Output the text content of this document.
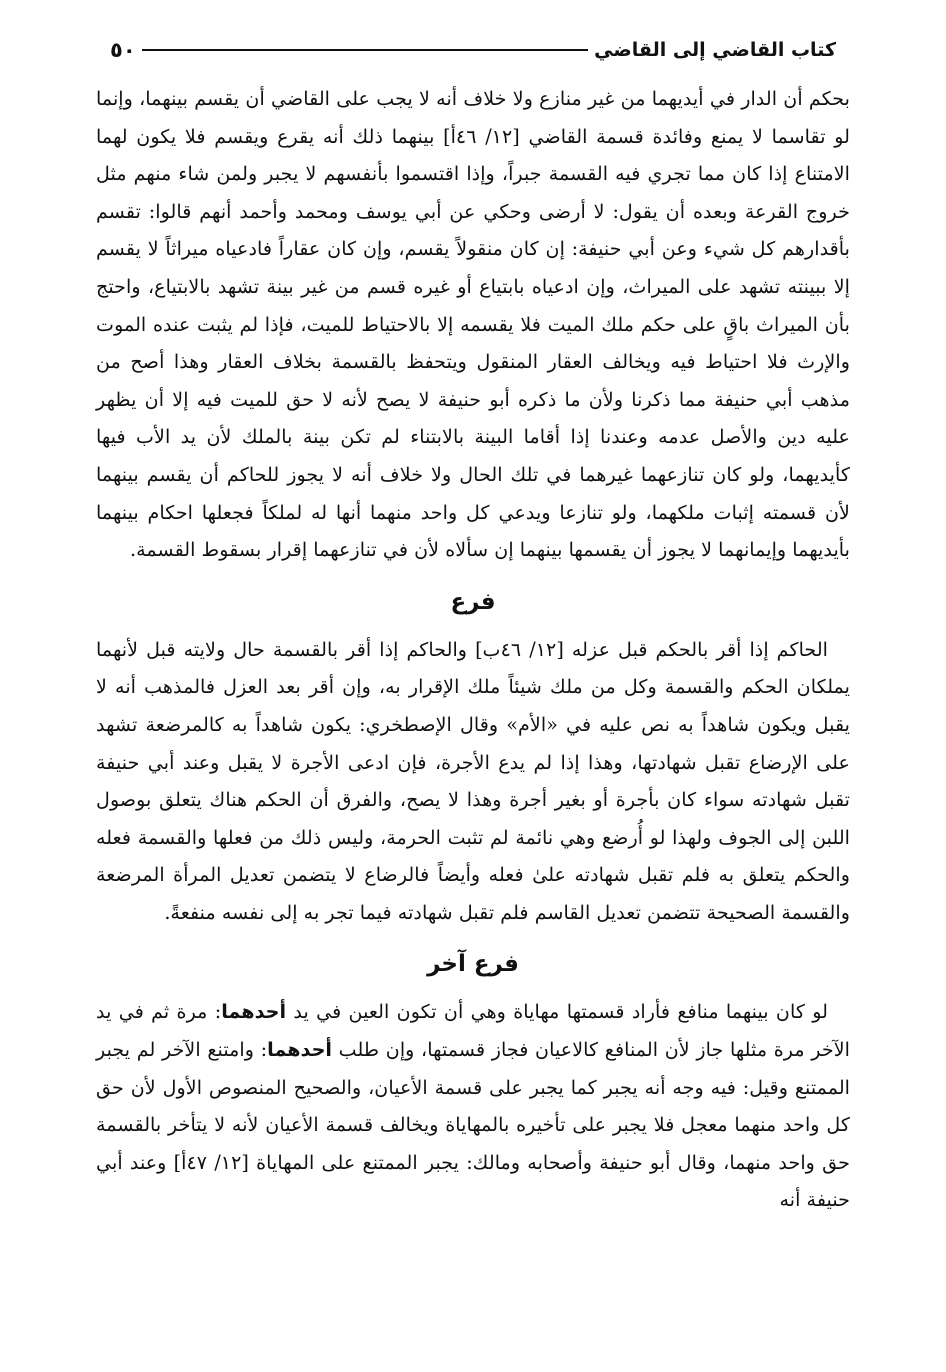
كتاب القاضي إلى القاضي
٥٠

بحكم أن الدار في أيديهما من غير منازع ولا خلاف أنه لا يجب على القاضي أن يقسم بينهما، وإنما لو تقاسما لا يمنع وفائدة قسمة القاضي [١٢/ ٤٦أ] بينهما ذلك أنه يقرع ويقسم فلا يكون لهما الامتناع إذا كان مما تجري فيه القسمة جبراً، وإذا اقتسموا بأنفسهم لا يجبر ولمن شاء منهم مثل خروج القرعة وبعده أن يقول: لا أرضى وحكي عن أبي يوسف ومحمد وأحمد أنهم قالوا: تقسم بأقدارهم كل شيء وعن أبي حنيفة: إن كان منقولاً يقسم، وإن كان عقاراً فادعياه ميراثاً لا يقسم إلا ببينته تشهد على الميراث، وإن ادعياه بابتياع أو غيره قسم من غير بينة تشهد بالابتياع، واحتج بأن الميراث باقٍ على حكم ملك الميت فلا يقسمه إلا بالاحتياط للميت، فإذا لم يثبت عنده الموت والإرث فلا احتياط فيه ويخالف العقار المنقول ويتحفظ بالقسمة بخلاف العقار وهذا أصح من مذهب أبي حنيفة مما ذكرنا ولأن ما ذكره أبو حنيفة لا يصح لأنه لا حق للميت فيه إلا أن يظهر عليه دين والأصل عدمه وعندنا إذا أقاما البينة بالابتناء لم تكن بينة بالملك لأن يد الأب فيها كأيديهما، ولو كان تنازعهما غيرهما في تلك الحال ولا خلاف أنه لا يجوز للحاكم أن يقسم بينهما لأن قسمته إثبات ملكهما، ولو تنازعا ويدعي كل واحد منهما أنها له لملكاً فجعلها احكام بينهما بأيديهما وإيمانهما لا يجوز أن يقسمها بينهما إن سألاه لأن في تنازعهما إقرار بسقوط القسمة.

فرع

الحاكم إذا أقر بالحكم قبل عزله [١٢/ ٤٦ب] والحاكم إذا أقر بالقسمة حال ولايته قبل لأنهما يملكان الحكم والقسمة وكل من ملك شيئاً ملك الإقرار به، وإن أقر بعد العزل فالمذهب أنه لا يقبل ويكون شاهداً به نص عليه في «الأم» وقال الإصطخري: يكون شاهداً به كالمرضعة تشهد على الإرضاع تقبل شهادتها، وهذا إذا لم يدع الأجرة، فإن ادعى الأجرة لا يقبل وعند أبي حنيفة تقبل شهادته سواء كان بأجرة أو بغير أجرة وهذا لا يصح، والفرق أن الحكم هناك يتعلق بوصول اللبن إلى الجوف ولهذا لو أُرضع وهي نائمة لم تثبت الحرمة، وليس ذلك من فعلها والقسمة فعله والحكم يتعلق به فلم تقبل شهادته علىٰ فعله وأيضاً فالرضاع لا يتضمن تعديل المرأة المرضعة والقسمة الصحيحة تتضمن تعديل القاسم فلم تقبل شهادته فيما تجر به إلى نفسه منفعةً.

فرع آخر

لو كان بينهما منافع فأراد قسمتها مهاياة وهي أن تكون العين في يد أحدهما: مرة ثم في يد الآخر مرة مثلها جاز لأن المنافع كالاعيان فجاز قسمتها، وإن طلب أحدهما: وامتنع الآخر لم يجبر الممتنع وقيل: فيه وجه أنه يجبر كما يجبر على قسمة الأعيان، والصحيح المنصوص الأول لأن حق كل واحد منهما معجل فلا يجبر على تأخيره بالمهاياة ويخالف قسمة الأعيان لأنه لا يتأخر بالقسمة حق واحد منهما، وقال أبو حنيفة وأصحابه ومالك: يجبر الممتنع على المهاياة [١٢/ ٤٧أ] وعند أبي حنيفة أنه
